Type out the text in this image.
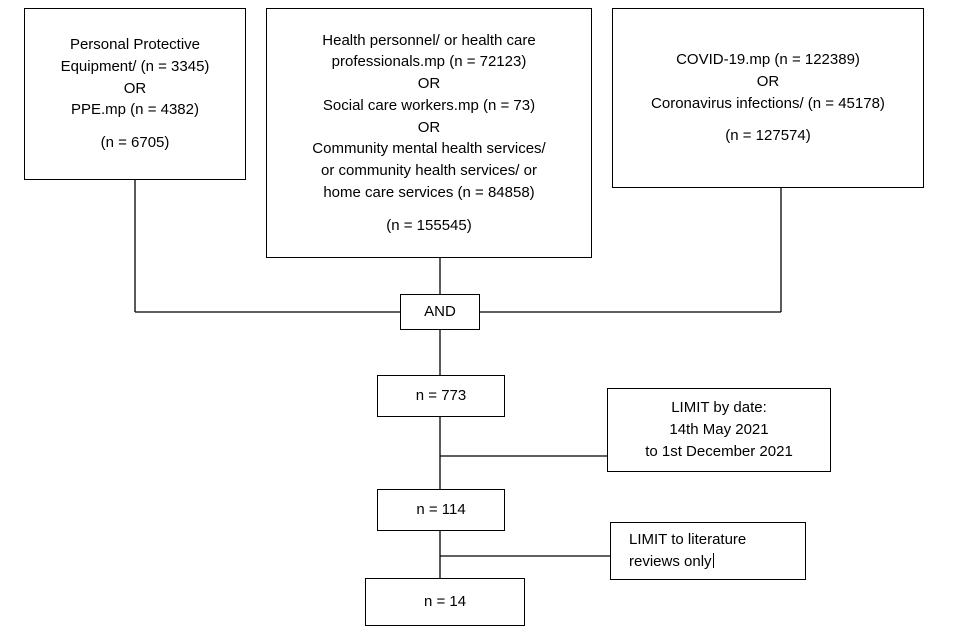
Personal Protective
Equipment/ (n = 3345)
OR
PPE.mp (n = 4382)
(n = 6705)
Health personnel/ or health care
professionals.mp (n = 72123)
OR
Social care workers.mp (n = 73)
OR
Community mental health services/
or community health services/ or
home care services (n = 84858)
(n = 155545)
COVID-19.mp (n = 122389)
OR
Coronavirus infections/ (n = 45178)
(n = 127574)
AND
n = 773
LIMIT by date:
14th May 2021
to 1st December 2021
n = 114
LIMIT to literature
reviews only
n = 14
